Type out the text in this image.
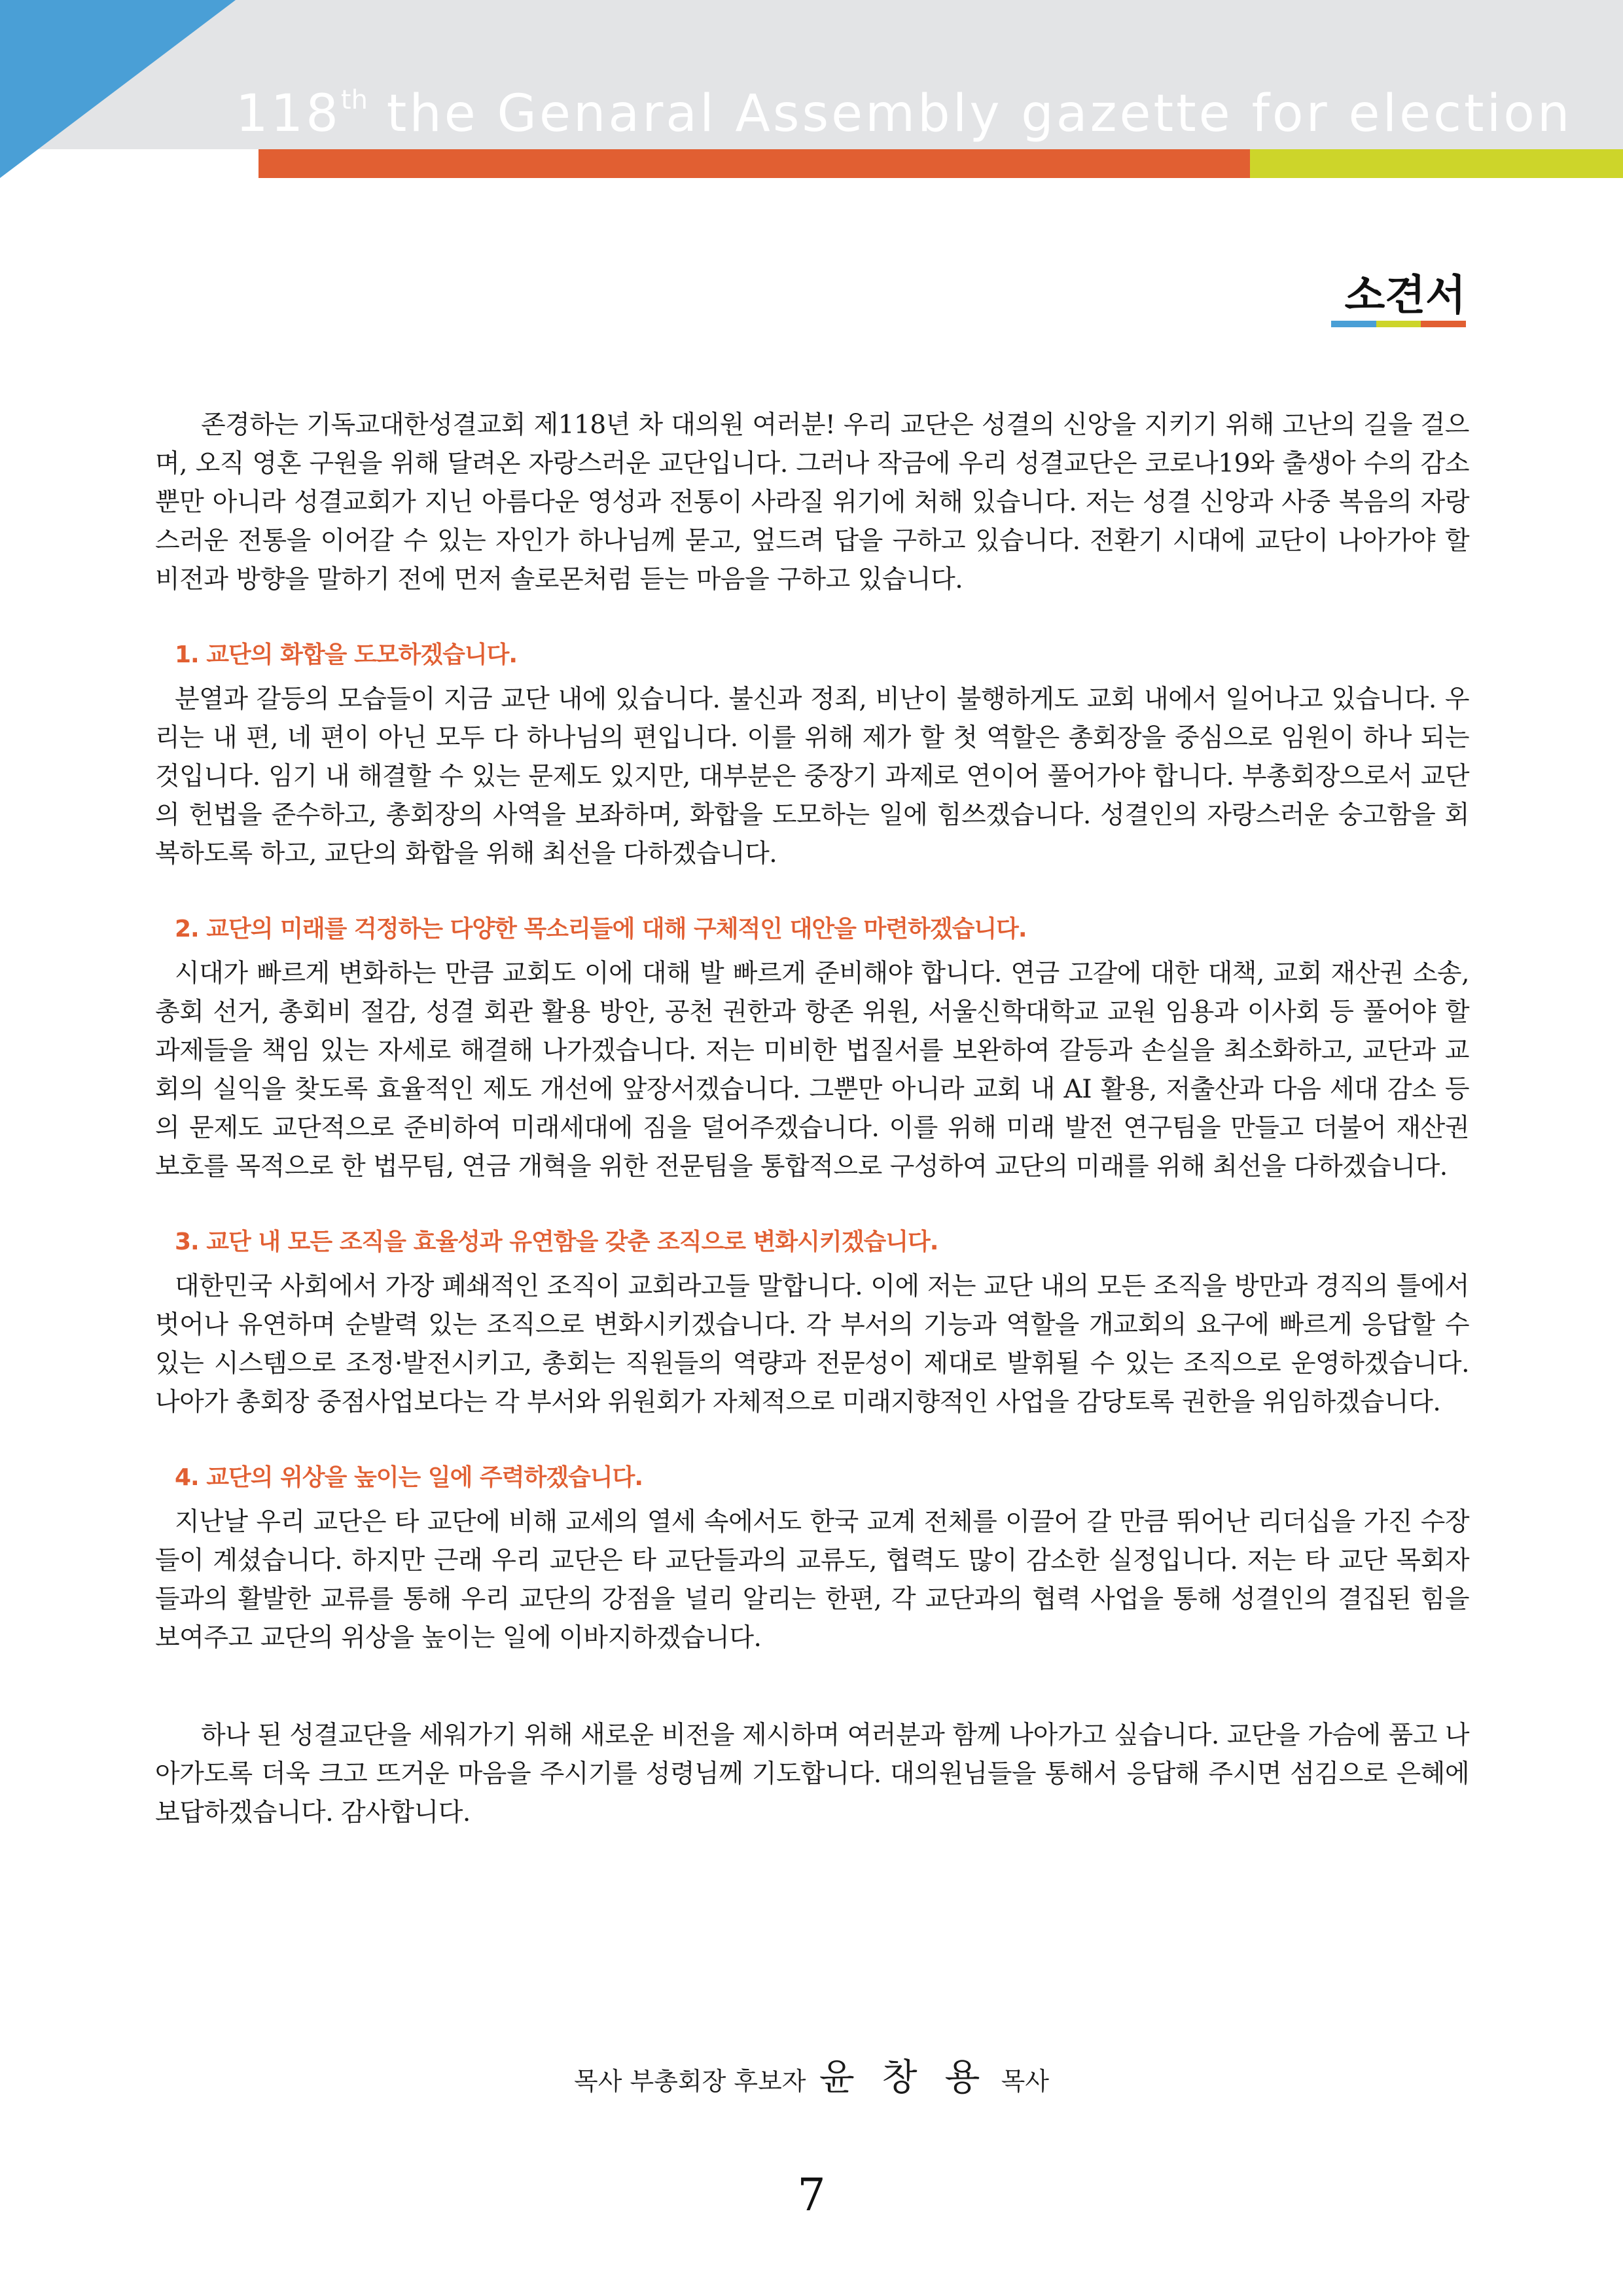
118th the Genaral Assembly gazette for election
소견서

존경하는 기독교대한성결교회 제118년 차 대의원 여러분! 우리 교단은 성결의 신앙을 지키기 위해 고난의 길을 걸으며, 오직 영혼 구원을 위해 달려온 자랑스러운 교단입니다. 그러나 작금에 우리 성결교단은 코로나19와 출생아 수의 감소뿐만 아니라 성결교회가 지닌 아름다운 영성과 전통이 사라질 위기에 처해 있습니다. 저는 성결 신앙과 사중 복음의 자랑스러운 전통을 이어갈 수 있는 자인가 하나님께 묻고, 엎드려 답을 구하고 있습니다. 전환기 시대에 교단이 나아가야 할 비전과 방향을 말하기 전에 먼저 솔로몬처럼 듣는 마음을 구하고 있습니다.

1. 교단의 화합을 도모하겠습니다.

분열과 갈등의 모습들이 지금 교단 내에 있습니다. 불신과 정죄, 비난이 불행하게도 교회 내에서 일어나고 있습니다. 우리는 내 편, 네 편이 아닌 모두 다 하나님의 편입니다. 이를 위해 제가 할 첫 역할은 총회장을 중심으로 임원이 하나 되는 것입니다. 임기 내 해결할 수 있는 문제도 있지만, 대부분은 중장기 과제로 연이어 풀어가야 합니다. 부총회장으로서 교단의 헌법을 준수하고, 총회장의 사역을 보좌하며, 화합을 도모하는 일에 힘쓰겠습니다. 성결인의 자랑스러운 숭고함을 회복하도록 하고, 교단의 화합을 위해 최선을 다하겠습니다.

2. 교단의 미래를 걱정하는 다양한 목소리들에 대해 구체적인 대안을 마련하겠습니다.

시대가 빠르게 변화하는 만큼 교회도 이에 대해 발 빠르게 준비해야 합니다. 연금 고갈에 대한 대책, 교회 재산권 소송, 총회 선거, 총회비 절감, 성결 회관 활용 방안, 공천 권한과 항존 위원, 서울신학대학교 교원 임용과 이사회 등 풀어야 할 과제들을 책임 있는 자세로 해결해 나가겠습니다. 저는 미비한 법질서를 보완하여 갈등과 손실을 최소화하고, 교단과 교회의 실익을 찾도록 효율적인 제도 개선에 앞장서겠습니다. 그뿐만 아니라 교회 내 AI 활용, 저출산과 다음 세대 감소 등의 문제도 교단적으로 준비하여 미래세대에 짐을 덜어주겠습니다. 이를 위해 미래 발전 연구팀을 만들고 더불어 재산권 보호를 목적으로 한 법무팀, 연금 개혁을 위한 전문팀을 통합적으로 구성하여 교단의 미래를 위해 최선을 다하겠습니다.

3. 교단 내 모든 조직을 효율성과 유연함을 갖춘 조직으로 변화시키겠습니다.

대한민국 사회에서 가장 폐쇄적인 조직이 교회라고들 말합니다. 이에 저는 교단 내의 모든 조직을 방만과 경직의 틀에서 벗어나 유연하며 순발력 있는 조직으로 변화시키겠습니다. 각 부서의 기능과 역할을 개교회의 요구에 빠르게 응답할 수 있는 시스템으로 조정·발전시키고, 총회는 직원들의 역량과 전문성이 제대로 발휘될 수 있는 조직으로 운영하겠습니다. 나아가 총회장 중점사업보다는 각 부서와 위원회가 자체적으로 미래지향적인 사업을 감당토록 권한을 위임하겠습니다.

4. 교단의 위상을 높이는 일에 주력하겠습니다.

지난날 우리 교단은 타 교단에 비해 교세의 열세 속에서도 한국 교계 전체를 이끌어 갈 만큼 뛰어난 리더십을 가진 수장들이 계셨습니다. 하지만 근래 우리 교단은 타 교단들과의 교류도, 협력도 많이 감소한 실정입니다. 저는 타 교단 목회자들과의 활발한 교류를 통해 우리 교단의 강점을 널리 알리는 한편, 각 교단과의 협력 사업을 통해 성결인의 결집된 힘을 보여주고 교단의 위상을 높이는 일에 이바지하겠습니다.

하나 된 성결교단을 세워가기 위해 새로운 비전을 제시하며 여러분과 함께 나아가고 싶습니다. 교단을 가슴에 품고 나아가도록 더욱 크고 뜨거운 마음을 주시기를 성령님께 기도합니다. 대의원님들을 통해서 응답해 주시면 섬김으로 은혜에 보답하겠습니다. 감사합니다.

목사 부총회장 후보자 윤 창 용 목사
7
